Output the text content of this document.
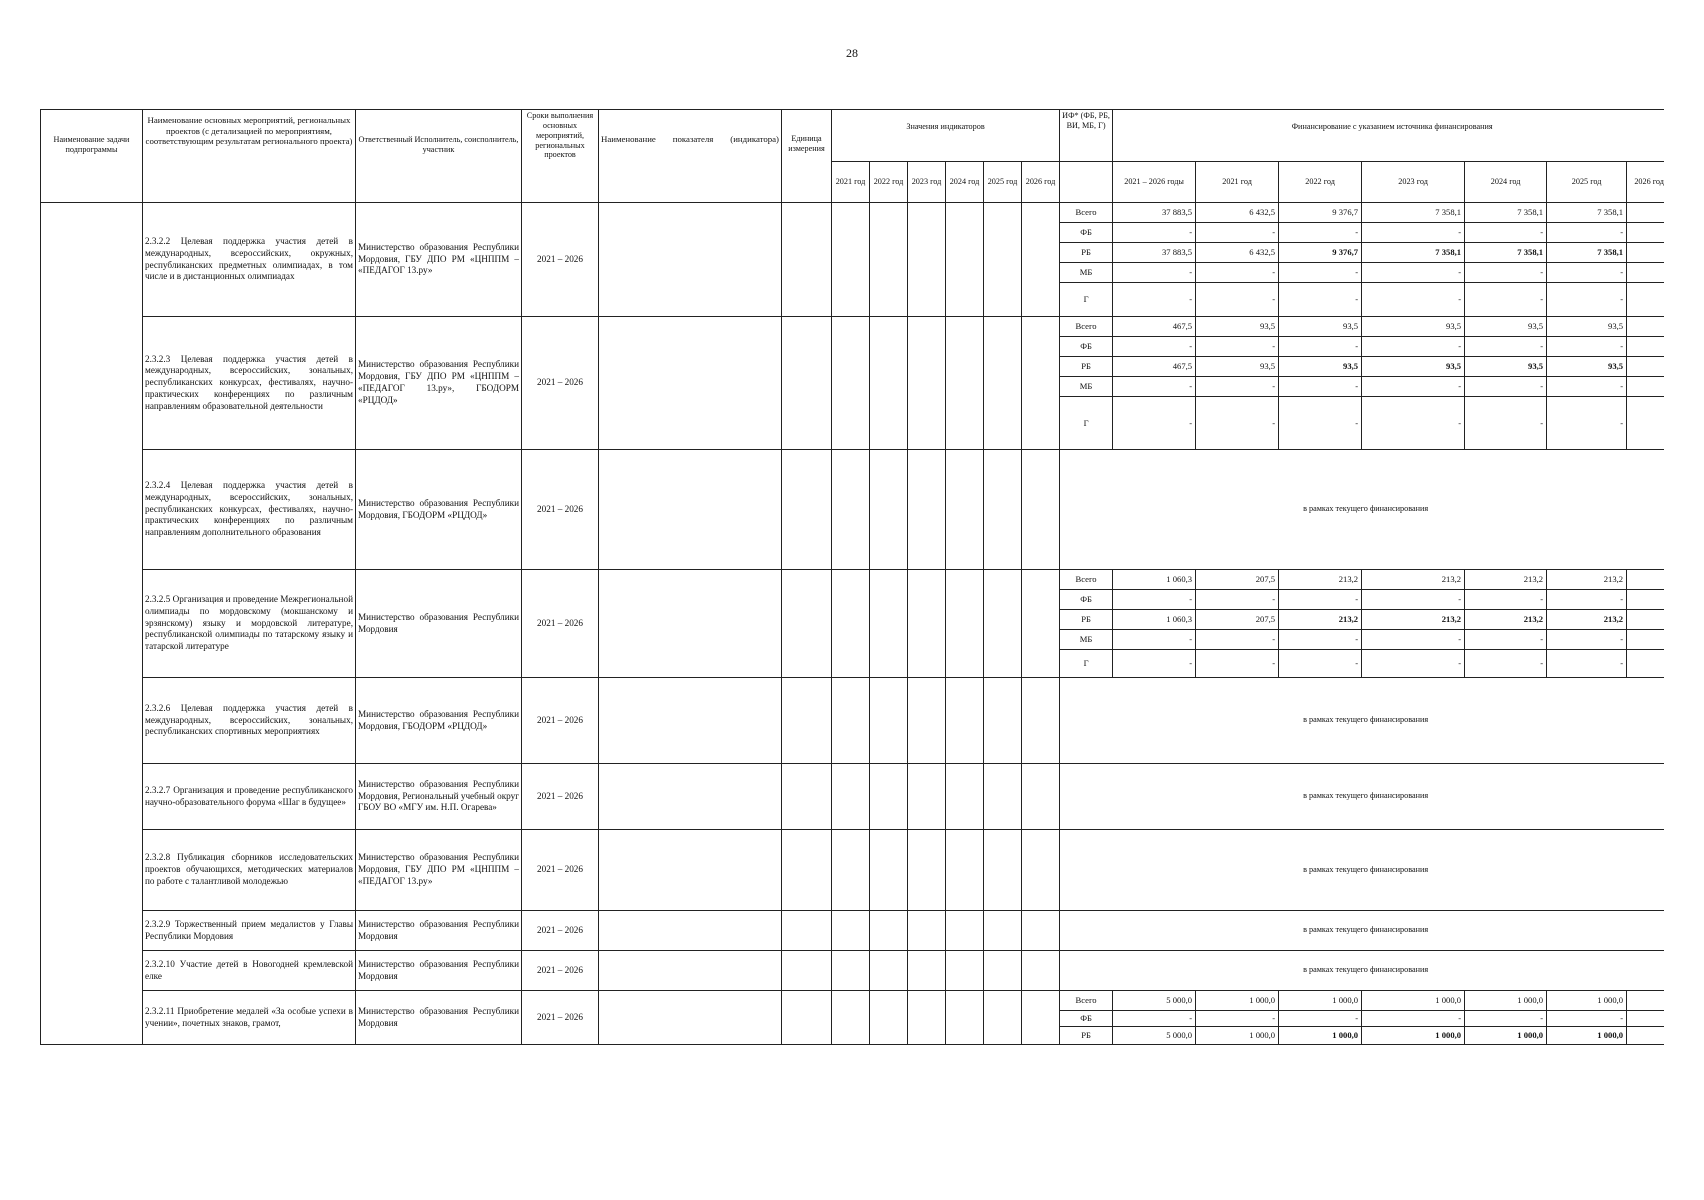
28
Наименование задачи подпрограммы	Наименование основных мероприятий, региональных проектов (с детализацией по мероприятиям, соответствующим результатам регионального проекта)	Ответственный Исполнитель, соисполнитель, участник	Сроки выполнения основных мероприятий, региональных проектов	Наименование показателя (индикатора)	Единица измерения	Значения индикаторов						ИФ* (ФБ, РБ, ВИ, МБ, Г)	Финансирование с указанием источника финансирования						
						2021 год	2022 год	2023 год	2024 год	2025 год	2026 год		2021 – 2026 годы	2021 год	2022 год	2023 год	2024 год	2025 год	2026 год
	2.3.2.2 Целевая поддержка участия детей в международных, всероссийских, окружных, республиканских предметных олимпиадах, в том числе и в дистанционных олимпиадах	Министерство образования Республики Мордовия, ГБУ ДПО РМ «ЦНППМ – «ПЕДАГОГ 13.ру»	2021 – 2026									Всего	37 883,5	6 432,5	9 376,7	7 358,1	7 358,1	7 358,1	
												ФБ	-	-	-	-	-	-	
												РБ	37 883,5	6 432,5	9 376,7	7 358,1	7 358,1	7 358,1	
												МБ	-	-	-	-	-	-	
												Г	-	-	-	-	-	-	
	2.3.2.3 Целевая поддержка участия детей в международных, всероссийских, зональных, республиканских конкурсах, фестивалях, научно-практических конференциях по различным направлениям образовательной деятельности	Министерство образования Республики Мордовия, ГБУ ДПО РМ «ЦНППМ – «ПЕДАГОГ 13.ру», ГБОДОРМ «РЦДОД»	2021 – 2026									Всего	467,5	93,5	93,5	93,5	93,5	93,5	
												ФБ	-	-	-	-	-	-	
												РБ	467,5	93,5	93,5	93,5	93,5	93,5	
												МБ	-	-	-	-	-	-	
												Г	-	-	-	-	-	-	
	2.3.2.4 Целевая поддержка участия детей в международных, всероссийских, зональных, республиканских конкурсах, фестивалях, научно-практических конференциях по различным направлениям дополнительного образования	Министерство образования Республики Мордовия, ГБОДОРМ «РЦДОД»	2021 – 2026									в рамках текущего финансирования							
	2.3.2.5 Организация и проведение Межрегиональной олимпиады по мордовскому (мокшанскому и эрзянскому) языку и мордовской литературе, республиканской олимпиады по татарскому языку и татарской литературе	Министерство образования Республики Мордовия	2021 – 2026									Всего	1 060,3	207,5	213,2	213,2	213,2	213,2	
												ФБ	-	-	-	-	-	-	
												РБ	1 060,3	207,5	213,2	213,2	213,2	213,2	
												МБ	-	-	-	-	-	-	
												Г	-	-	-	-	-	-	
	2.3.2.6 Целевая поддержка участия детей в международных, всероссийских, зональных, республиканских спортивных мероприятиях	Министерство образования Республики Мордовия, ГБОДОРМ «РЦДОД»	2021 – 2026									в рамках текущего финансирования							
	2.3.2.7 Организация и проведение республиканского научно-образовательного форума «Шаг в будущее»	Министерство образования Республики Мордовия, Региональный учебный округ ГБОУ ВО «МГУ им. Н.П. Огарева»	2021 – 2026									в рамках текущего финансирования							
	2.3.2.8 Публикация сборников исследовательских проектов обучающихся, методических материалов по работе с талантливой молодежью	Министерство образования Республики Мордовия, ГБУ ДПО РМ «ЦНППМ – «ПЕДАГОГ 13.ру»	2021 – 2026									в рамках текущего финансирования							
	2.3.2.9 Торжественный прием медалистов у Главы Республики Мордовия	Министерство образования Республики Мордовия	2021 – 2026									в рамках текущего финансирования							
	2.3.2.10 Участие детей в Новогодней кремлевской елке	Министерство образования Республики Мордовия	2021 – 2026									в рамках текущего финансирования							
	2.3.2.11 Приобретение медалей «За особые успехи в учении», почетных знаков, грамот,	Министерство образования Республики Мордовия	2021 – 2026									Всего	5 000,0	1 000,0	1 000,0	1 000,0	1 000,0	1 000,0	
												ФБ	-	-	-	-	-	-	
												РБ	5 000,0	1 000,0	1 000,0	1 000,0	1 000,0	1 000,0	
